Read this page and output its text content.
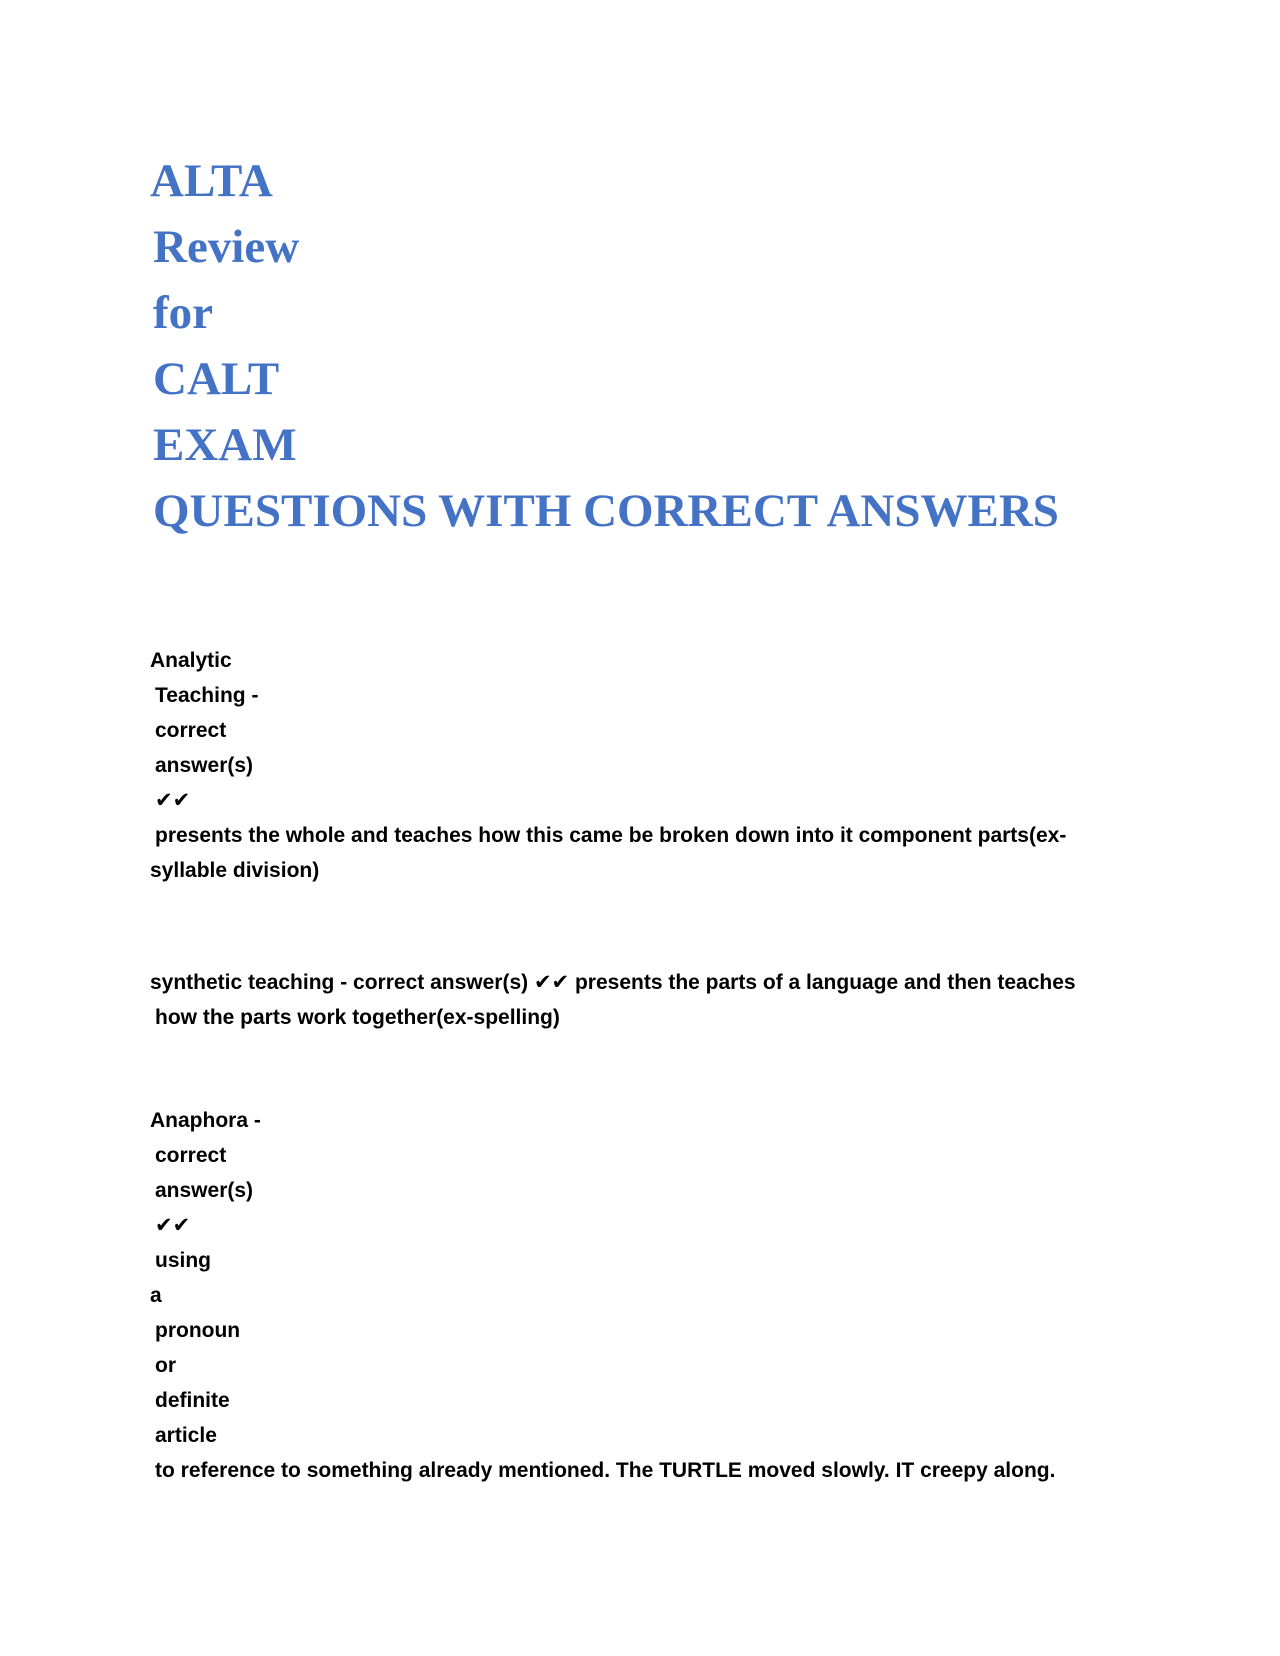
ALTA
Review
for
CALT
EXAM
QUESTIONS WITH CORRECT ANSWERS
Analytic
Teaching -
correct
answer(s)
✔✔
presents the whole and teaches how this came be broken down into it component parts(ex-
syllable division)
synthetic teaching - correct answer(s) ✔✔ presents the parts of a language and then teaches
how the parts work together(ex-spelling)
Anaphora -
correct
answer(s)
✔✔
using
a
pronoun
or
definite
article
to reference to something already mentioned. The TURTLE moved slowly. IT creepy along.
